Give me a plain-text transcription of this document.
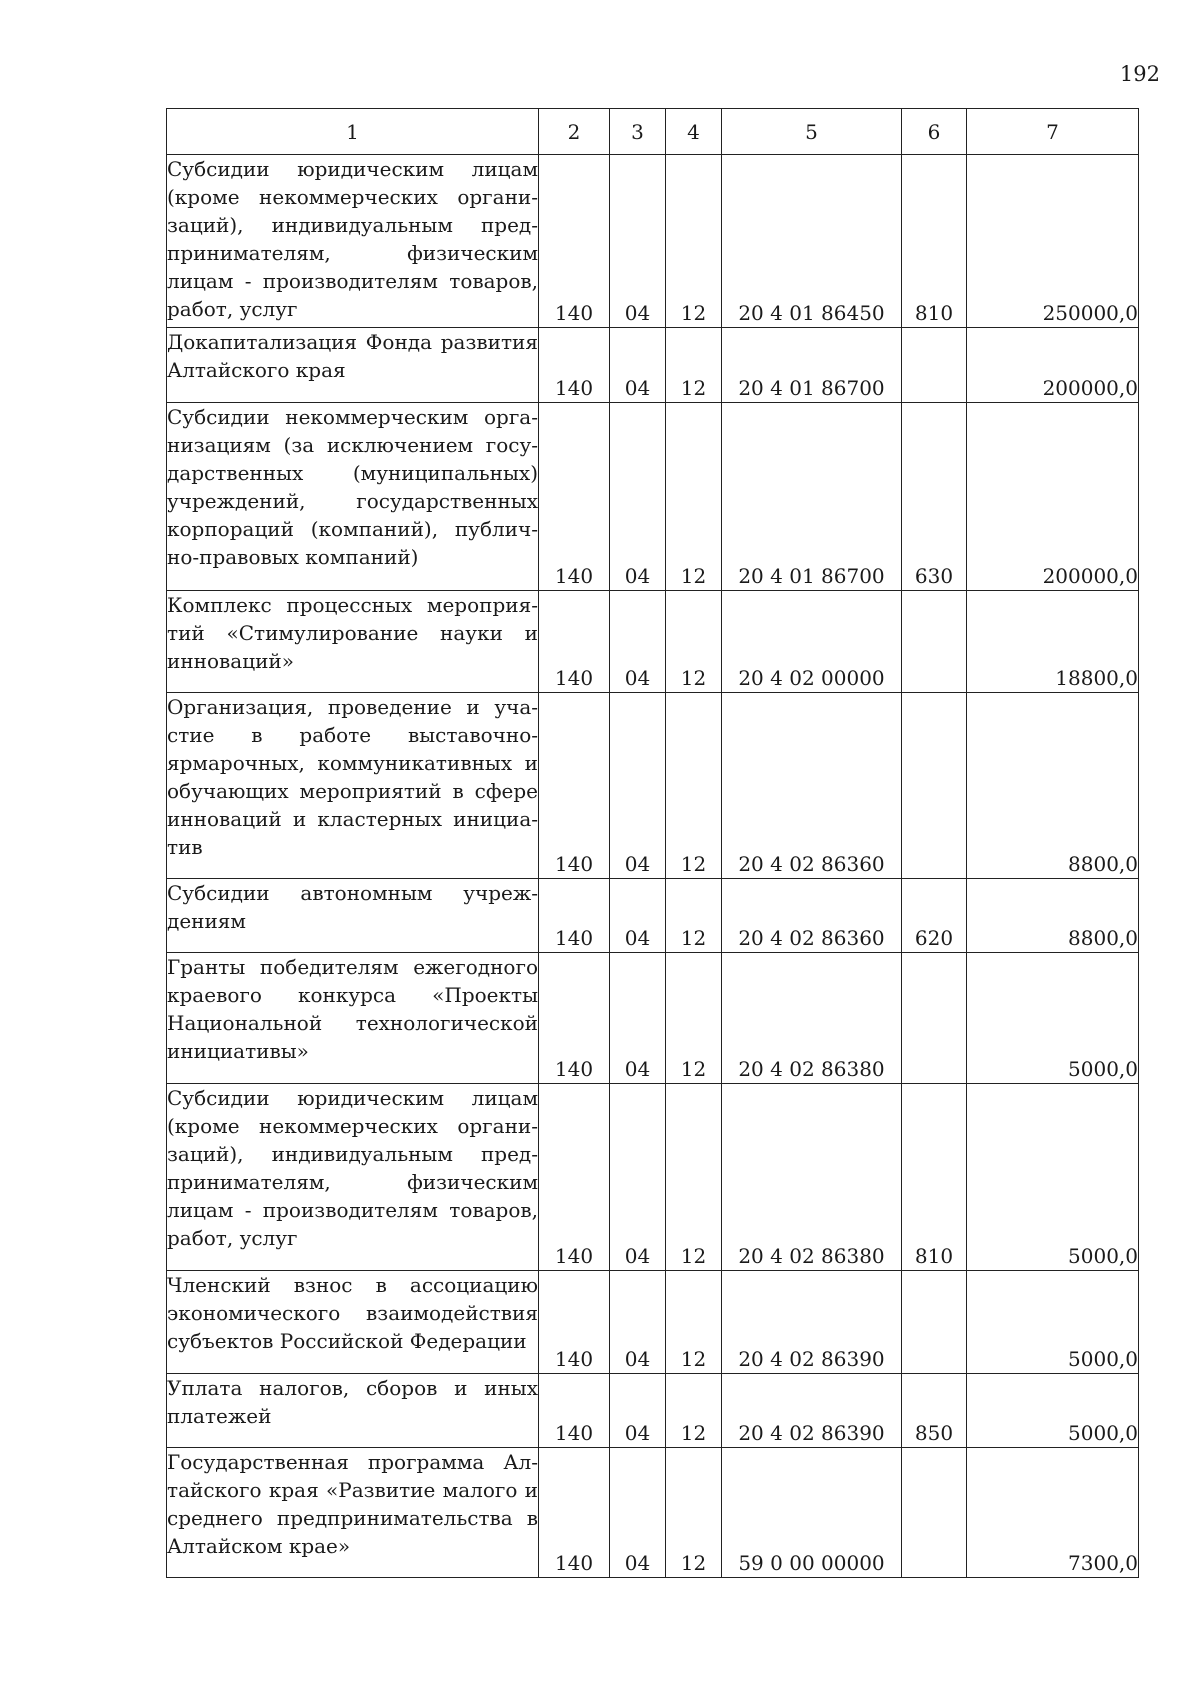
192
1	2	3	4	5	6	7
Субсидии юридическим лицам (кроме некоммерческих органи-заций), индивидуальным пред-принимателям, физическим лицам - производителям товаров, работ, услуг	140	04	12	20 4 01 86450	810	250000,0
Докапитализация Фонда развития Алтайского края	140	04	12	20 4 01 86700		200000,0
Субсидии некоммерческим орга-низациям (за исключением госу-дарственных (муниципальных) учреждений, государственных корпораций (компаний), публич-но-правовых компаний)	140	04	12	20 4 01 86700	630	200000,0
Комплекс процессных мероприя-тий «Стимулирование науки и инноваций»	140	04	12	20 4 02 00000		18800,0
Организация, проведение и уча-стие в работе выставочно-ярмарочных, коммуникативных и обучающих мероприятий в сфере инноваций и кластерных инициа-тив	140	04	12	20 4 02 86360		8800,0
Субсидии автономным учреж-дениям	140	04	12	20 4 02 86360	620	8800,0
Гранты победителям ежегодного краевого конкурса «Проекты Национальной технологической инициативы»	140	04	12	20 4 02 86380		5000,0
Субсидии юридическим лицам (кроме некоммерческих органи-заций), индивидуальным пред-принимателям, физическим лицам - производителям товаров, работ, услуг	140	04	12	20 4 02 86380	810	5000,0
Членский взнос в ассоциацию экономического взаимодействия субъектов Российской Федерации	140	04	12	20 4 02 86390		5000,0
Уплата налогов, сборов и иных платежей	140	04	12	20 4 02 86390	850	5000,0
Государственная программа Ал-тайского края «Развитие малого и среднего предпринимательства в Алтайском крае»	140	04	12	59 0 00 00000		7300,0
